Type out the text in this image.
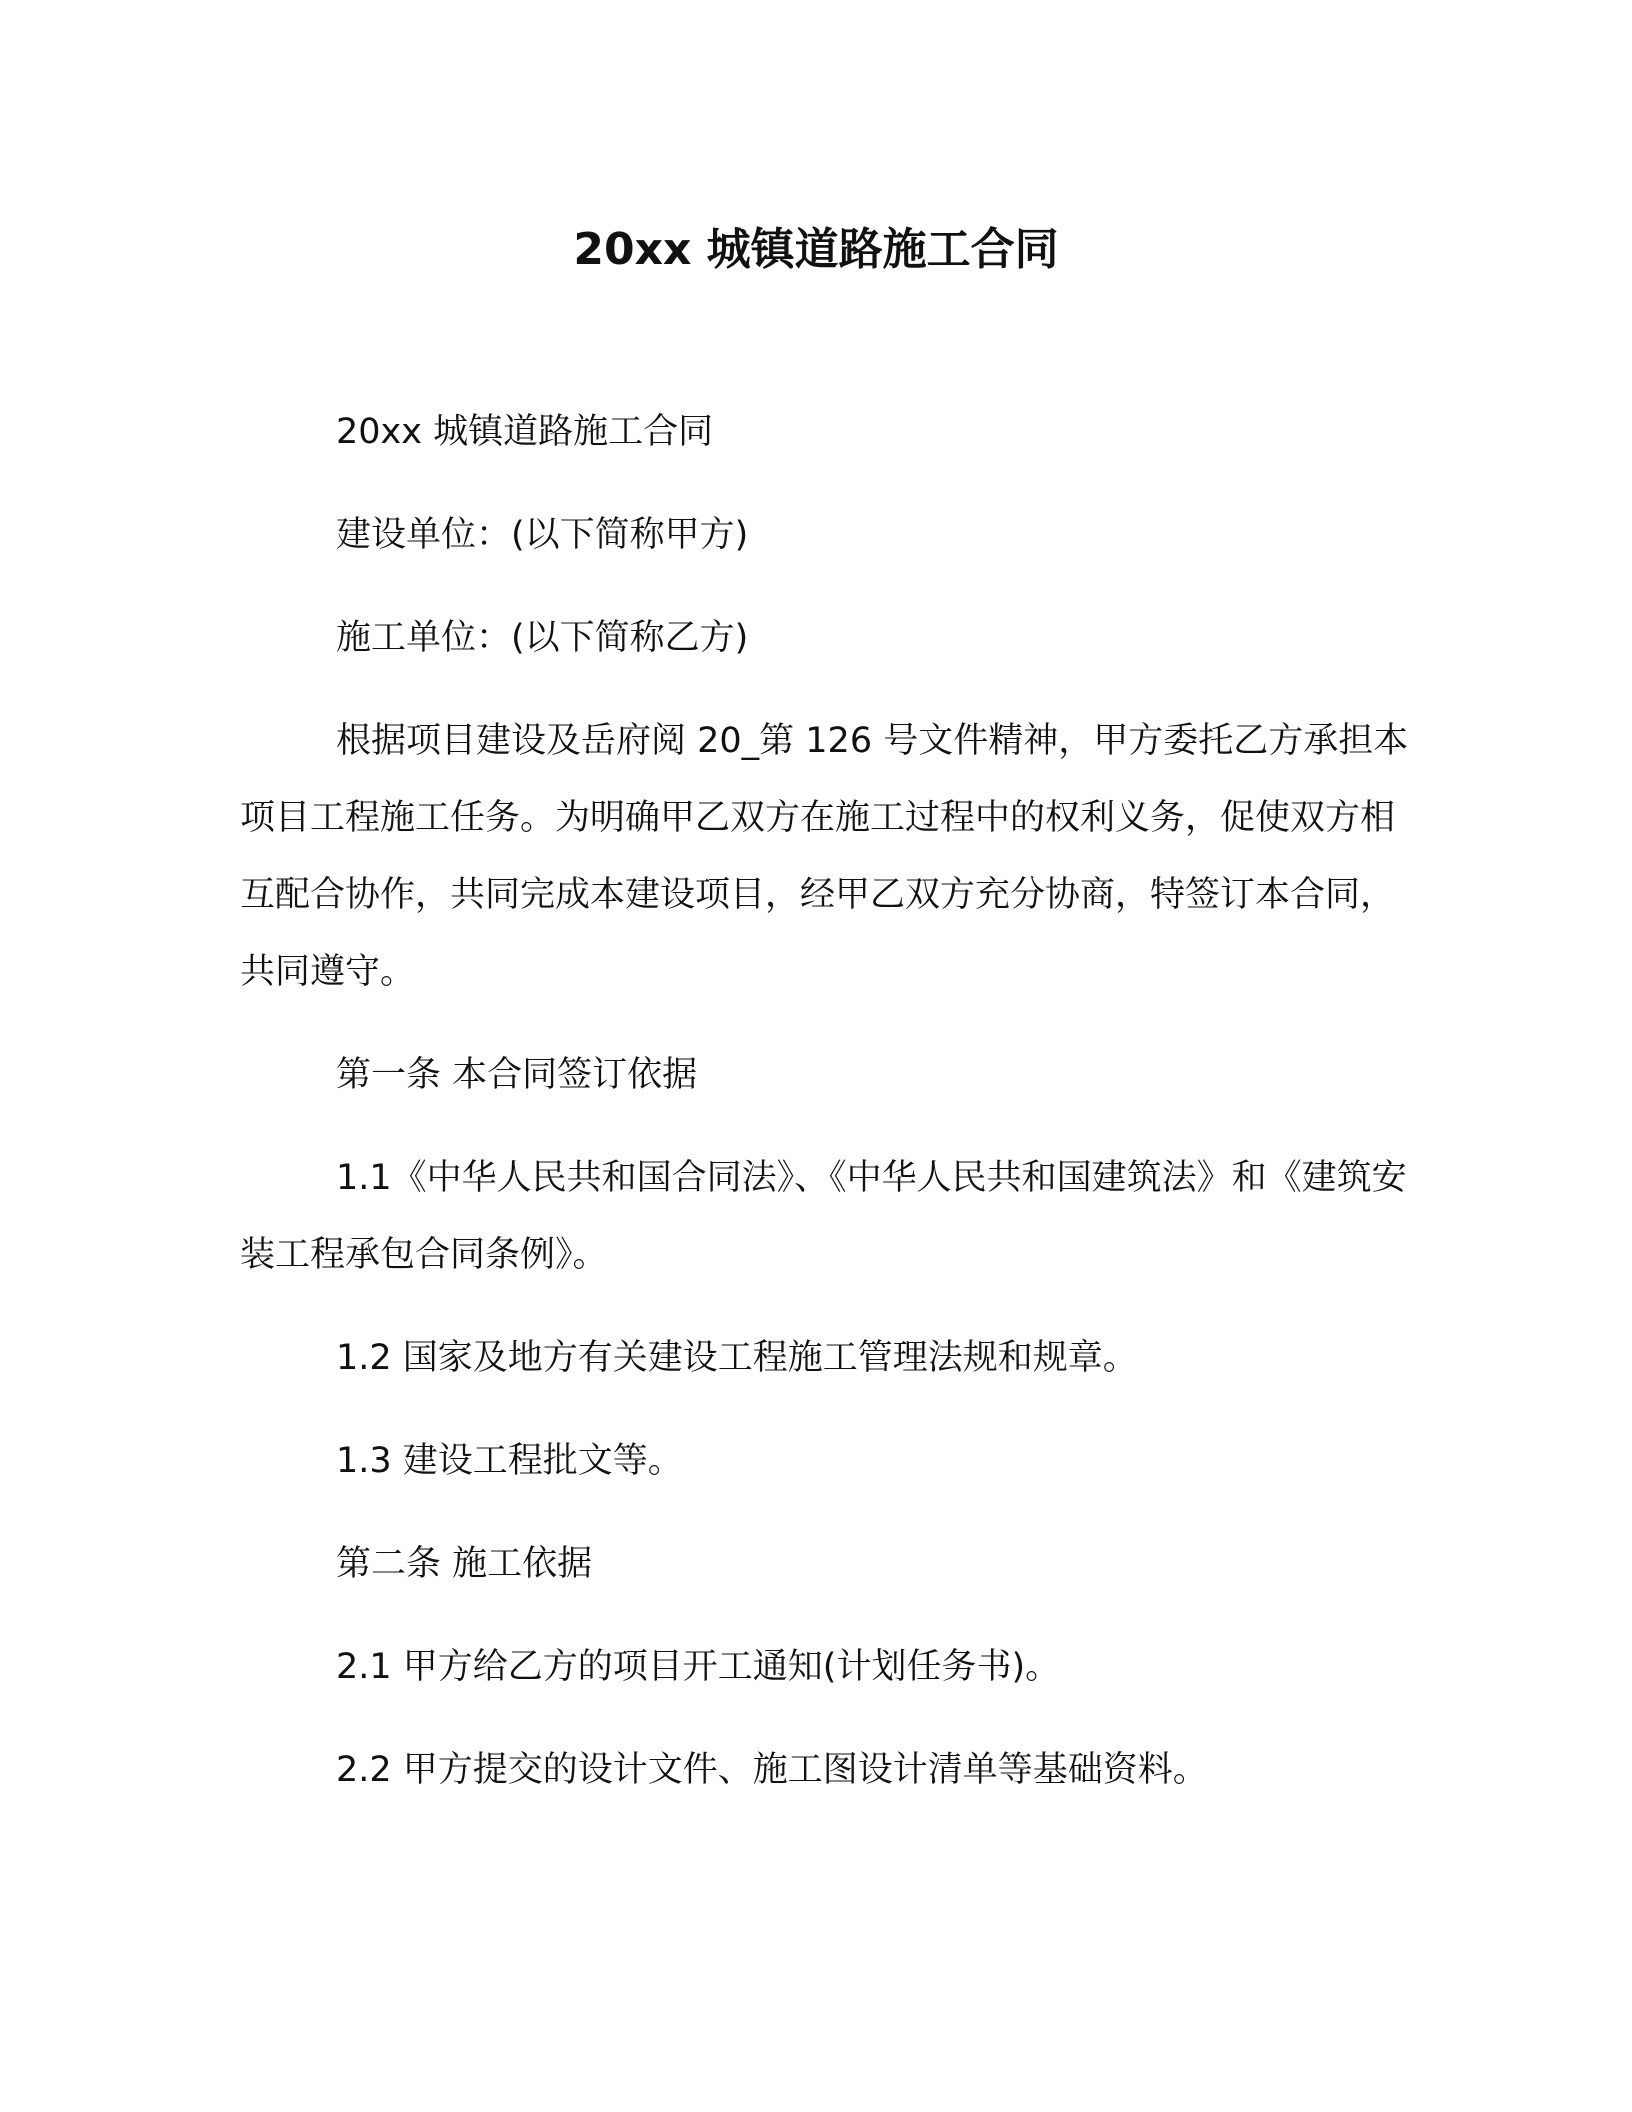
20xx 城镇道路施工合同

20xx 城镇道路施工合同

建设单位：(以下简称甲方)

施工单位：(以下简称乙方)

根据项目建设及岳府阅 20_第 126 号文件精神，甲方委托乙方承担本项目工程施工任务。为明确甲乙双方在施工过程中的权利义务，促使双方相互配合协作，共同完成本建设项目，经甲乙双方充分协商，特签订本合同，共同遵守。

第一条 本合同签订依据

1.1《中华人民共和国合同法》、《中华人民共和国建筑法》和《建筑安装工程承包合同条例》。

1.2 国家及地方有关建设工程施工管理法规和规章。

1.3 建设工程批文等。

第二条 施工依据

2.1 甲方给乙方的项目开工通知(计划任务书)。

2.2 甲方提交的设计文件、施工图设计清单等基础资料。
